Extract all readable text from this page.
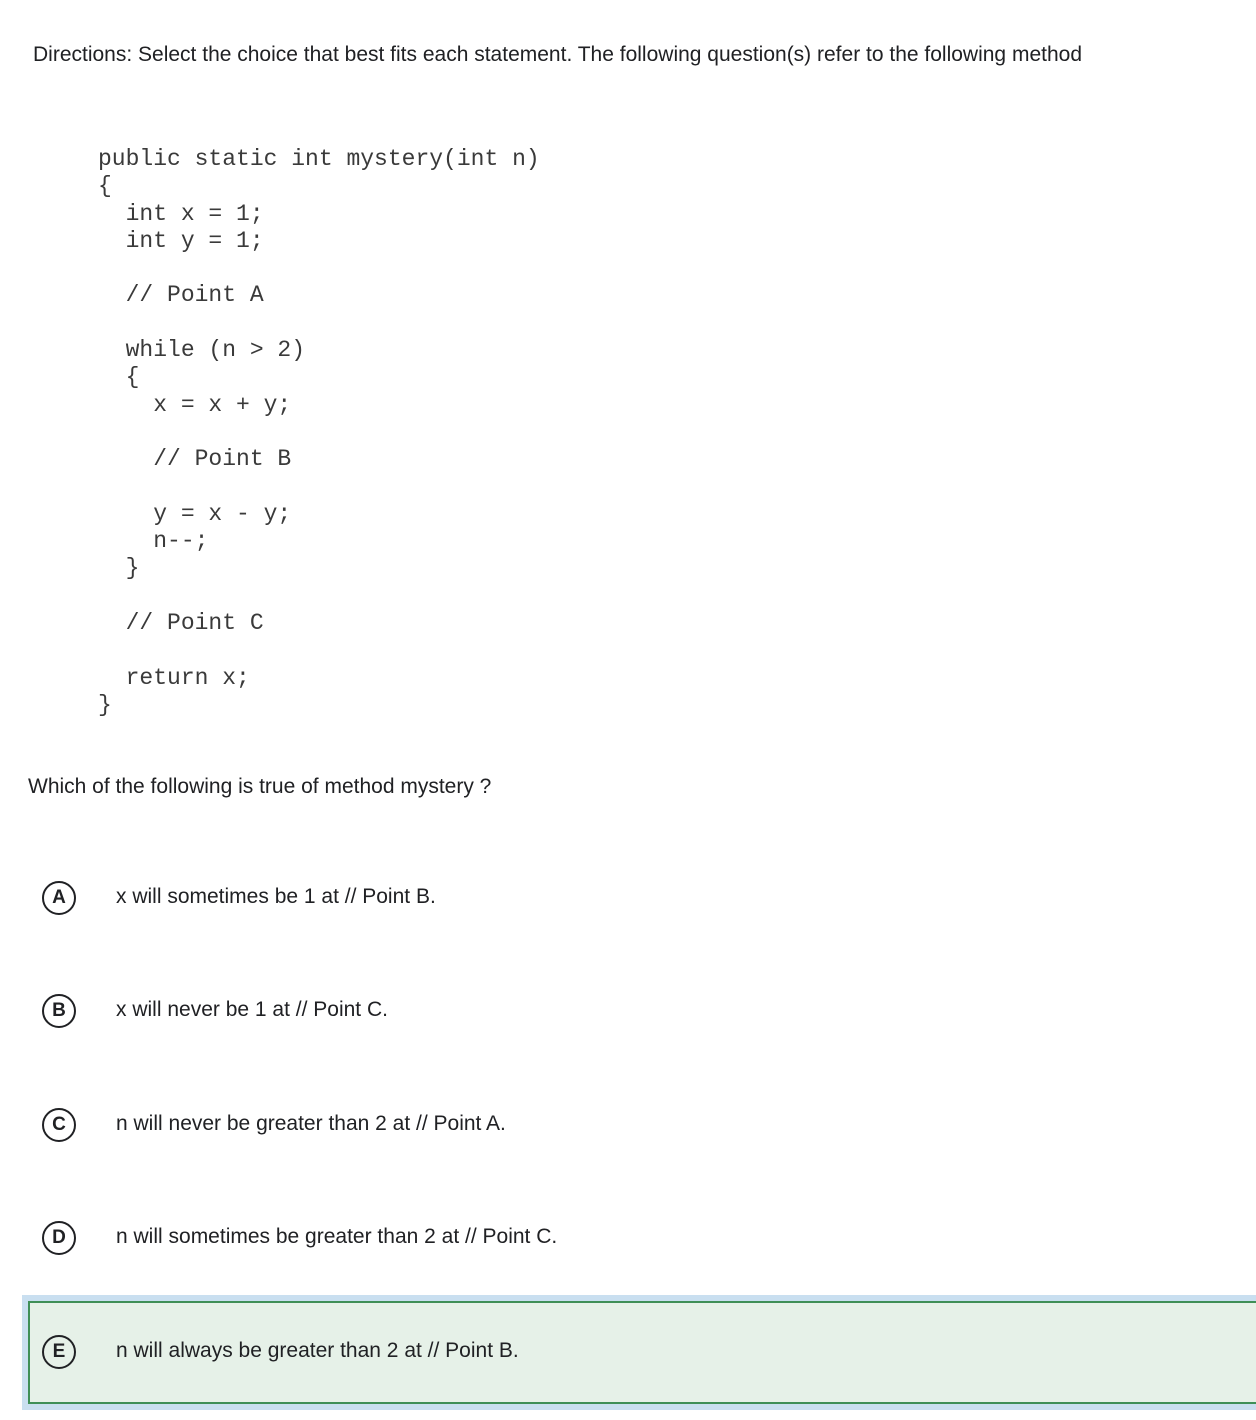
Directions: Select the choice that best fits each statement. The following question(s) refer to the following method
public static int mystery(int n)
{
int x = 1;
int y = 1;

// Point A

while (n > 2)
{
x = x + y;

// Point B

y = x - y;
n--;
}

// Point C

return x;
}
Which of the following is true of method mystery ?
A	x will sometimes be 1 at // Point B.
B	x will never be 1 at // Point C.
C	n will never be greater than 2 at // Point A.
D	n will sometimes be greater than 2 at // Point C.
E	n will always be greater than 2 at // Point B.
